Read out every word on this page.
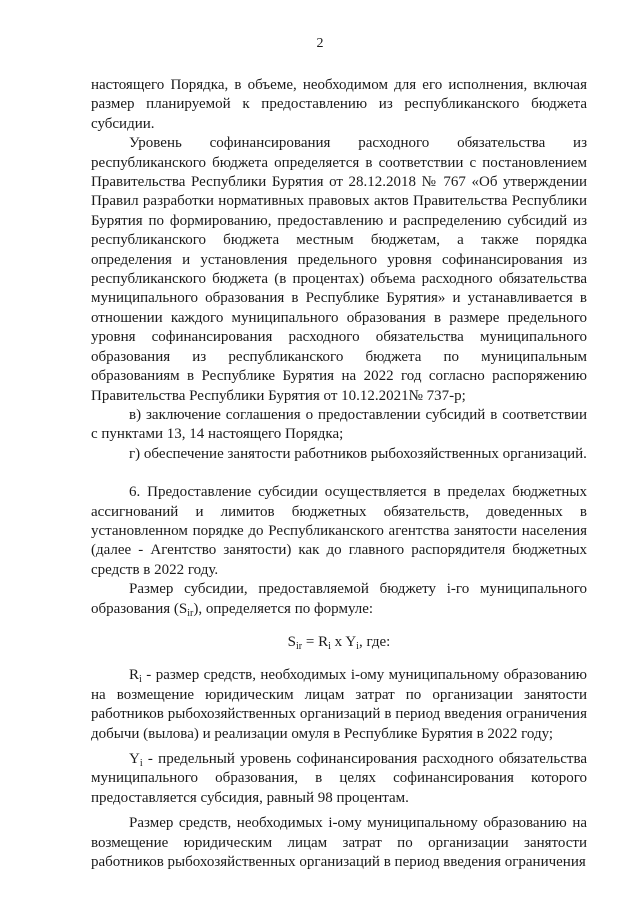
2

настоящего Порядка, в объеме, необходимом для его исполнения, включая размер планируемой к предоставлению из республиканского бюджета субсидии.

Уровень софинансирования расходного обязательства из республиканского бюджета определяется в соответствии с постановлением Правительства Республики Бурятия от 28.12.2018 № 767 «Об утверждении Правил разработки нормативных правовых актов Правительства Республики Бурятия по формированию, предоставлению и распределению субсидий из республиканского бюджета местным бюджетам, а также порядка определения и установления предельного уровня софинансирования из республиканского бюджета (в процентах) объема расходного обязательства муниципального образования в Республике Бурятия» и устанавливается в отношении каждого муниципального образования в размере предельного уровня софинансирования расходного обязательства муниципального образования из республиканского бюджета по муниципальным образованиям в Республике Бурятия на 2022 год согласно распоряжению Правительства Республики Бурятия от 10.12.2021№ 737-р;

в) заключение соглашения о предоставлении субсидий в соответствии с пунктами 13, 14 настоящего Порядка;

г) обеспечение занятости работников рыбохозяйственных организаций.

6. Предоставление субсидии осуществляется в пределах бюджетных ассигнований и лимитов бюджетных обязательств, доведенных в установленном порядке до Республиканского агентства занятости населения (далее - Агентство занятости) как до главного распорядителя бюджетных средств в 2022 году.

Размер субсидии, предоставляемой бюджету i-го муниципального образования $(S_{ir})$, определяется по формуле:

$S_{ir} = R_i$ x $Y_i$, где:

$R_i$ - размер средств, необходимых i-ому муниципальному образованию на возмещение юридическим лицам затрат по организации занятости работников рыбохозяйственных организаций в период введения ограничения добычи (вылова) и реализации омуля в Республике Бурятия в 2022 году;

$Y_i$ - предельный уровень софинансирования расходного обязательства муниципального образования, в целях софинансирования которого предоставляется субсидия, равный 98 процентам.

Размер средств, необходимых i-ому муниципальному образованию на возмещение юридическим лицам затрат по организации занятости работников рыбохозяйственных организаций в период введения ограничения
